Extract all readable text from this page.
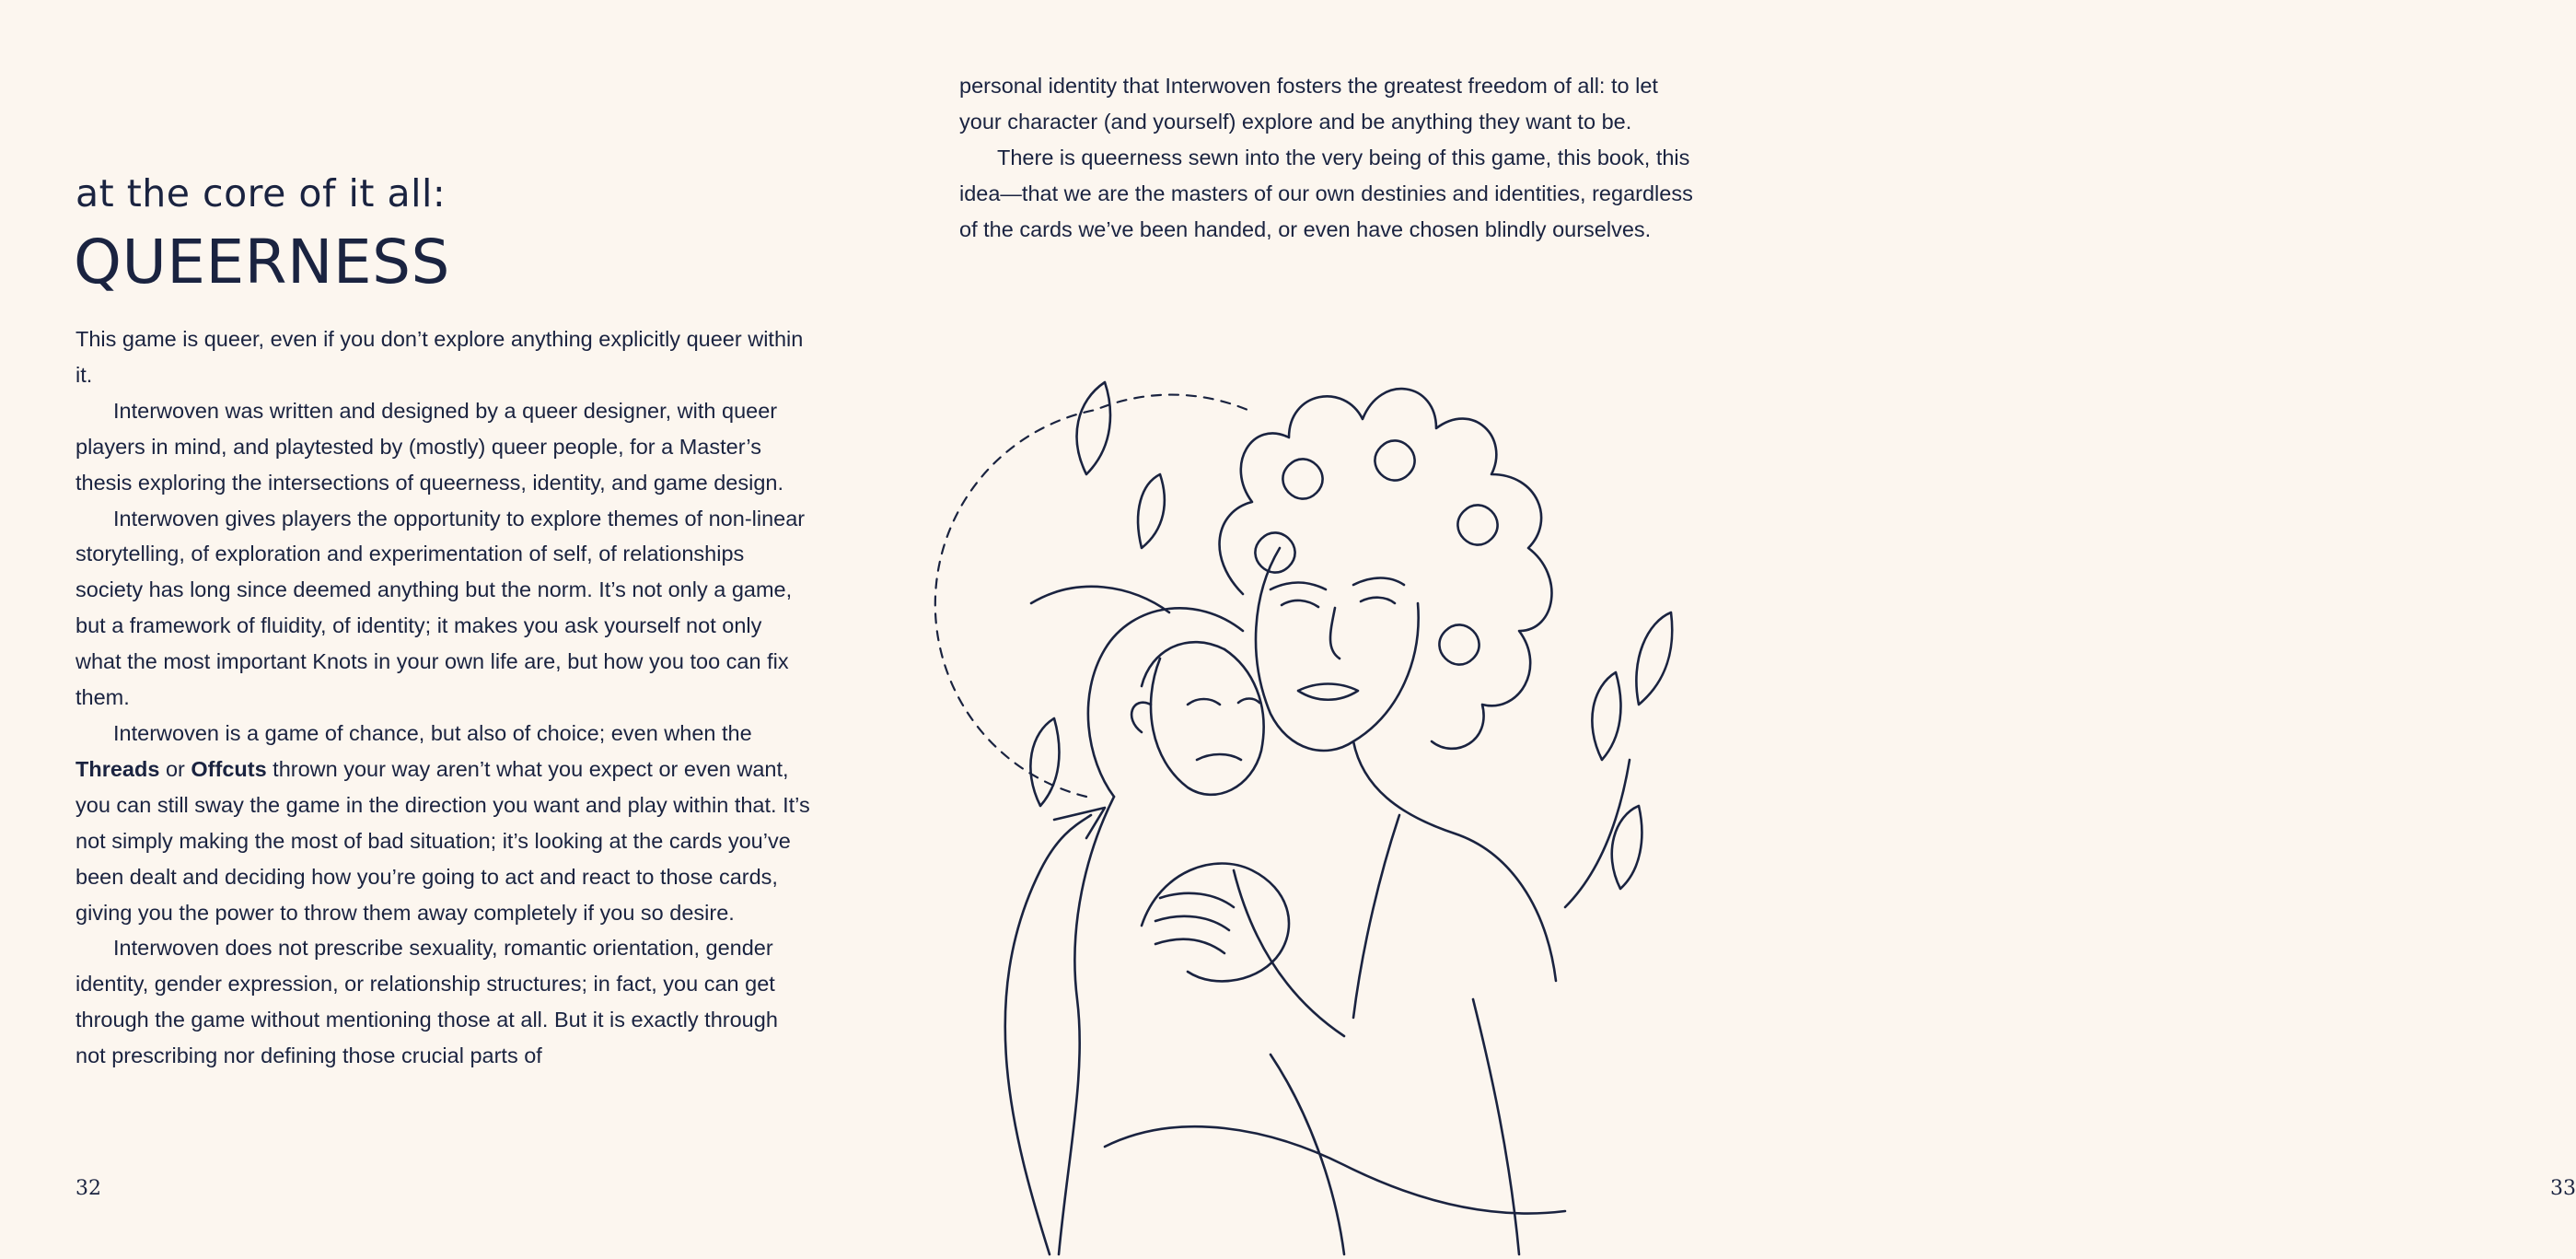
at the core of it all:
QUEERNESS

This game is queer, even if you don’t explore anything explicitly queer within it.

Interwoven was written and designed by a queer designer, with queer players in mind, and playtested by (mostly) queer people, for a Master’s thesis exploring the intersections of queerness, identity, and game design.

Interwoven gives players the opportunity to explore themes of non-linear storytelling, of exploration and experimentation of self, of relationships society has long since deemed anything but the norm. It’s not only a game, but a framework of fluidity, of identity; it makes you ask yourself not only what the most important Knots in your own life are, but how you too can fix them.

Interwoven is a game of chance, but also of choice; even when the Threads or Offcuts thrown your way aren’t what you expect or even want, you can still sway the game in the direction you want and play within that. It’s not simply making the most of bad situation; it’s looking at the cards you’ve been dealt and deciding how you’re going to act and react to those cards, giving you the power to throw them away completely if you so desire.

Interwoven does not prescribe sexuality, romantic orientation, gender identity, gender expression, or relationship structures; in fact, you can get through the game without mentioning those at all. But it is exactly through not prescribing nor defining those crucial parts of

32	33

personal identity that Interwoven fosters the greatest freedom of all: to let your character (and yourself) explore and be anything they want to be.

There is queerness sewn into the very being of this game, this book, this idea—that we are the masters of our own destinies and identities, regardless of the cards we’ve been handed, or even have chosen blindly ourselves.
